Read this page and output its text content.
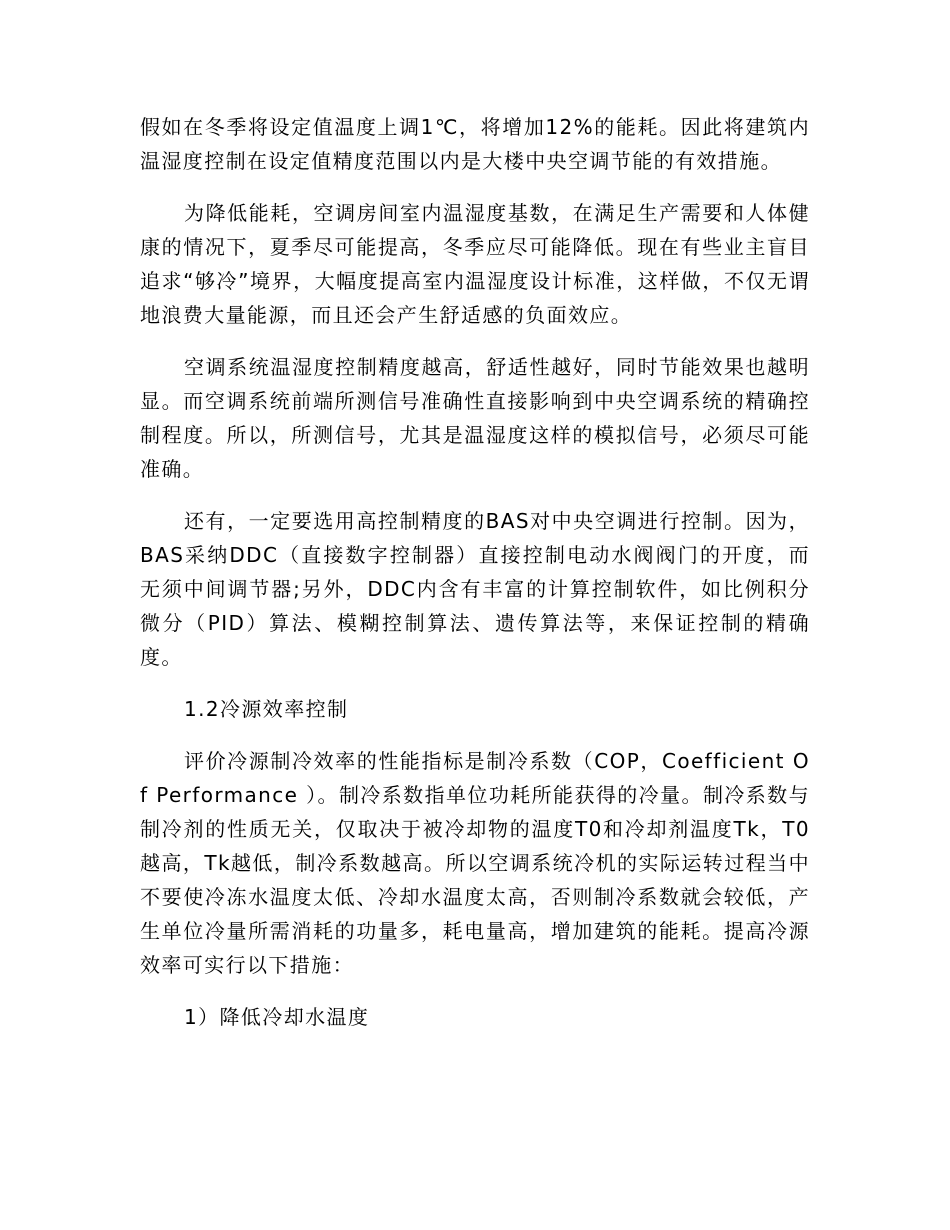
假如在冬季将设定值温度上调1℃，将增加12%的能耗。因此将建筑内温湿度控制在设定值精度范围以内是大楼中央空调节能的有效措施。

为降低能耗，空调房间室内温湿度基数，在满足生产需要和人体健康的情况下，夏季尽可能提高，冬季应尽可能降低。现在有些业主盲目追求“够冷”境界，大幅度提高室内温湿度设计标准，这样做，不仅无谓地浪费大量能源，而且还会产生舒适感的负面效应。

空调系统温湿度控制精度越高，舒适性越好，同时节能效果也越明显。而空调系统前端所测信号准确性直接影响到中央空调系统的精确控制程度。所以，所测信号，尤其是温湿度这样的模拟信号，必须尽可能准确。

还有，一定要选用高控制精度的BAS对中央空调进行控制。因为，BAS采纳DDC（直接数字控制器）直接控制电动水阀阀门的开度，而无须中间调节器;另外，DDC内含有丰富的计算控制软件，如比例积分微分（PID）算法、模糊控制算法、遗传算法等，来保证控制的精确度。

1.2冷源效率控制

评价冷源制冷效率的性能指标是制冷系数（COP，Coefficient Of Performance ）。制冷系数指单位功耗所能获得的冷量。制冷系数与制冷剂的性质无关，仅取决于被冷却物的温度T0和冷却剂温度Tk，T0越高，Tk越低，制冷系数越高。所以空调系统冷机的实际运转过程当中不要使冷冻水温度太低、冷却水温度太高，否则制冷系数就会较低，产生单位冷量所需消耗的功量多，耗电量高，增加建筑的能耗。提高冷源效率可实行以下措施：

1）降低冷却水温度
